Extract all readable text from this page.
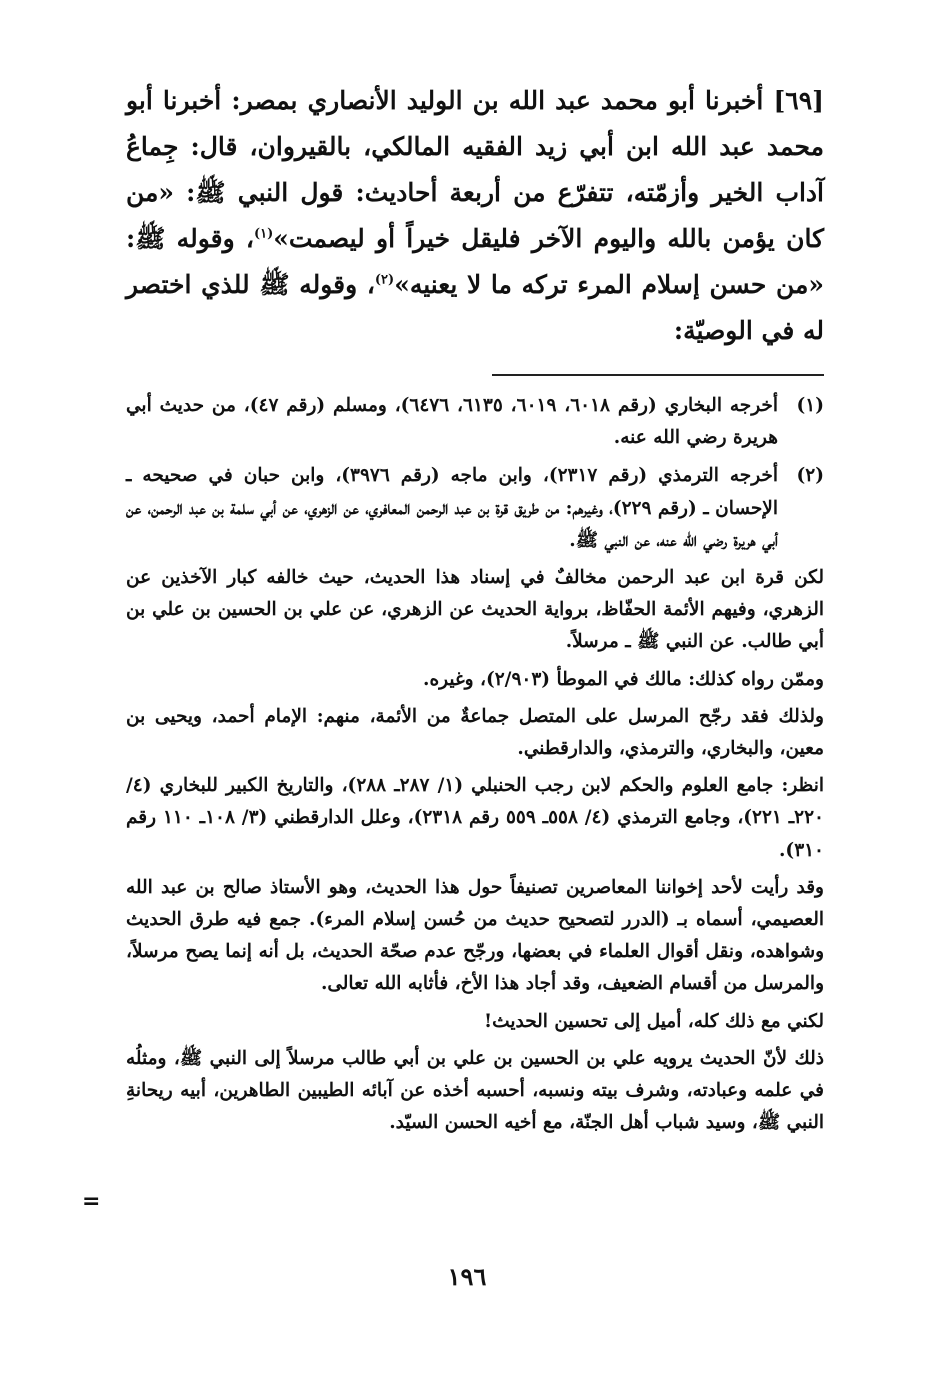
[٦٩] أخبرنا أبو محمد عبد الله بن الوليد الأنصاري بمصر: أخبرنا أبو محمد عبد الله ابن أبي زيد الفقيه المالكي، بالقيروان، قال: جِماعُ آداب الخير وأزمّته، تتفرّع من أربعة أحاديث: قول النبي ﷺ: «من كان يؤمن بالله واليوم الآخر فليقل خيراً أو ليصمت»$^{(١)}$، وقوله ﷺ: «من حسن إسلام المرء تركه ما لا يعنيه»$^{(٢)}$، وقوله ﷺ للذي اختصر له في الوصيّة:

(١)

أخرجه البخاري (رقم ٦٠١٨، ٦٠١٩، ٦١٣٥، ٦٤٧٦)، ومسلم (رقم ٤٧)، من حديث أبي هريرة رضي الله عنه.

(٢)

أخرجه الترمذي (رقم ٢٣١٧)، وابن ماجه (رقم ٣٩٧٦)، وابن حبان في صحيحه ـ الإحسان ـ (رقم ٢٢٩)، وغيرهم: من طريق قرة بن عبد الرحمن المعافري، عن الزهري، عن أبي سلمة بن عبد الرحمن، عن أبي هريرة رضي الله عنه، عن النبي ﷺ.

لكن قرة ابن عبد الرحمن مخالفٌ في إسناد هذا الحديث، حيث خالفه كبار الآخذين عن الزهري، وفيهم الأئمة الحفّاظ، برواية الحديث عن الزهري، عن علي بن الحسين بن علي بن أبي طالب. عن النبي ﷺ ـ مرسلاً.

وممّن رواه كذلك: مالك في الموطأ (٢/٩٠٣)، وغيره.

ولذلك فقد رجّح المرسل على المتصل جماعةٌ من الأئمة، منهم: الإمام أحمد، ويحيى بن معين، والبخاري، والترمذي، والدارقطني.

انظر: جامع العلوم والحكم لابن رجب الحنبلي (١/ ٢٨٧ـ ٢٨٨)، والتاريخ الكبير للبخاري (٤/ ٢٢٠ـ ٢٢١)، وجامع الترمذي (٤/ ٥٥٨ـ ٥٥٩ رقم ٢٣١٨)، وعلل الدارقطني (٣/ ١٠٨ـ ١١٠ رقم ٣١٠).

وقد رأيت لأحد إخواننا المعاصرين تصنيفاً حول هذا الحديث، وهو الأستاذ صالح بن عبد الله العصيمي، أسماه بـ (الدرر لتصحيح حديث من حُسن إسلام المرء). جمع فيه طرق الحديث وشواهده، ونقل أقوال العلماء في بعضها، ورجّح عدم صحّة الحديث، بل أنه إنما يصح مرسلاً، والمرسل من أقسام الضعيف، وقد أجاد هذا الأخ، فأثابه الله تعالى.

لكني مع ذلك كله، أميل إلى تحسين الحديث!

ذلك لأنّ الحديث يرويه علي بن الحسين بن علي بن أبي طالب مرسلاً إلى النبي ﷺ، ومثلُه في علمه وعبادته، وشرف بيته ونسبه، أحسبه أخذه عن آبائه الطيبين الطاهرين، أبيه ريحانةِ النبي ﷺ، وسيد شباب أهل الجنّة، مع أخيه الحسن السيّد.

=
١٩٦
